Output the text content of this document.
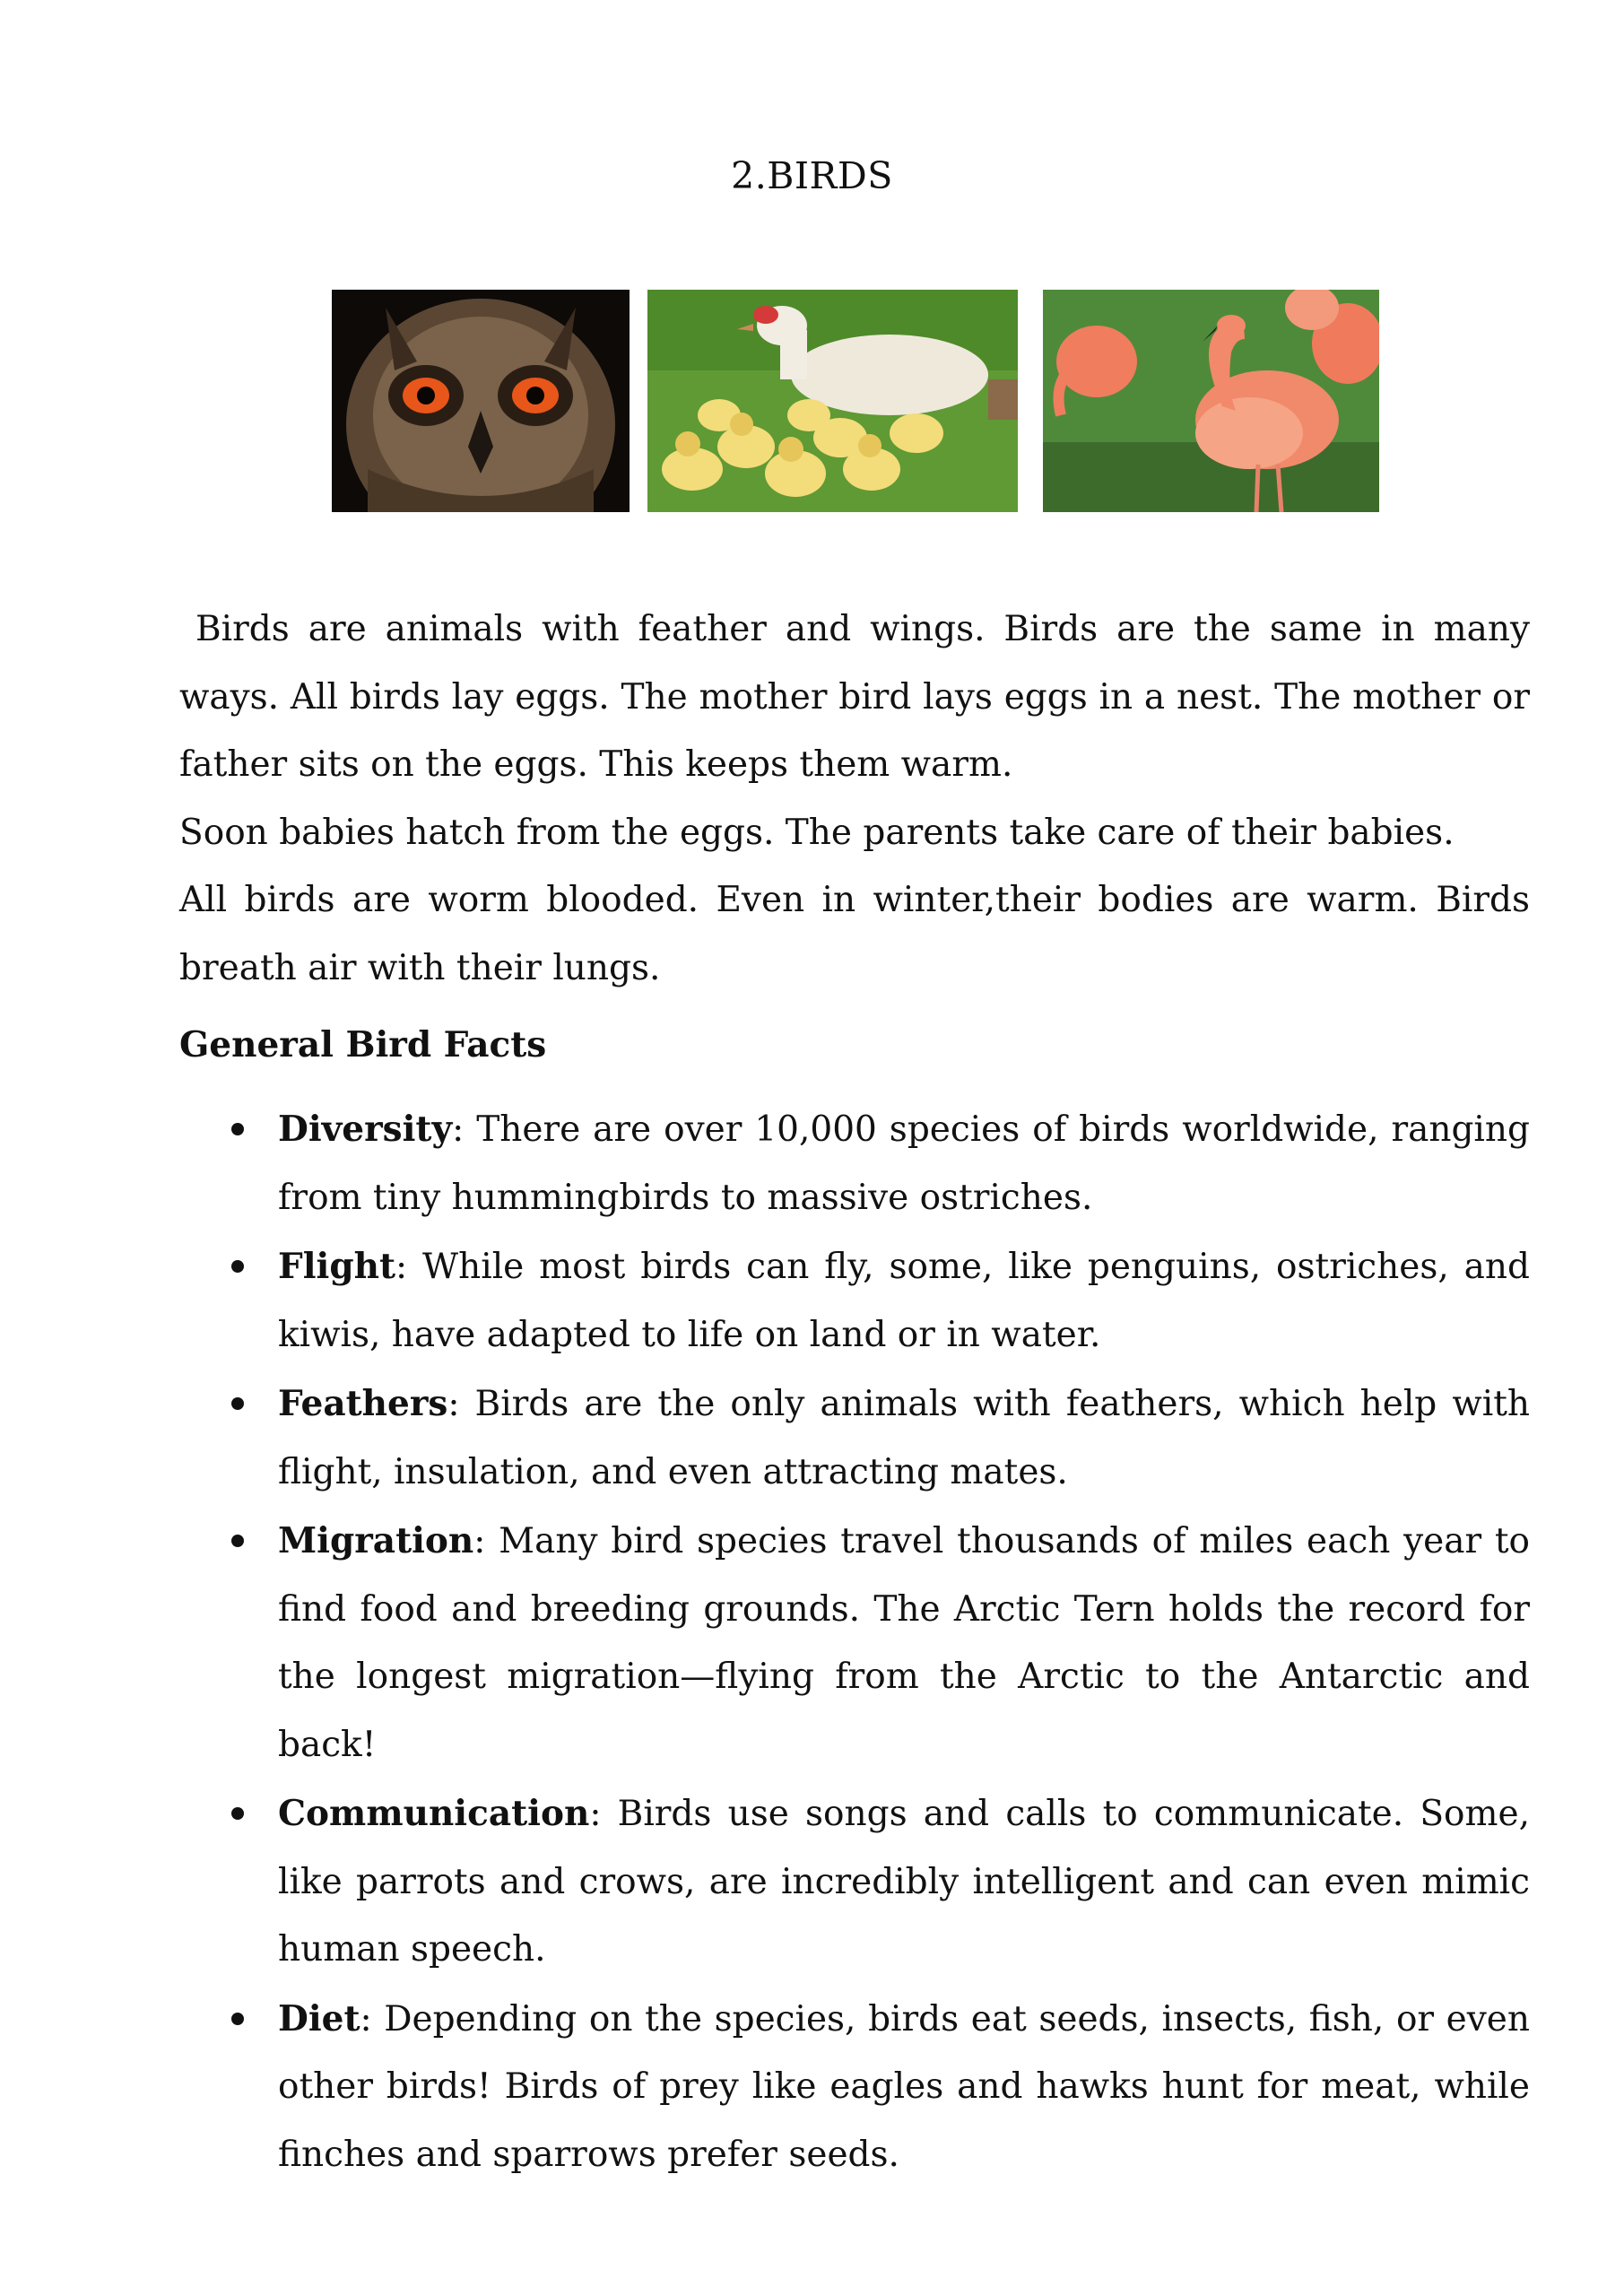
2.BIRDS

Birds are animals with feather and wings. Birds are the same in many ways. All birds lay eggs. The mother bird lays eggs in a nest. The mother or father sits on the eggs. This keeps them warm.

Soon babies hatch from the eggs. The parents take care of their babies.

All birds are worm blooded. Even in winter,their bodies are warm. Birds breath air with their lungs.

General Bird Facts
Diversity: There are over 10,000 species of birds worldwide, ranging from tiny hummingbirds to massive ostriches.
Flight: While most birds can fly, some, like penguins, ostriches, and kiwis, have adapted to life on land or in water.
Feathers: Birds are the only animals with feathers, which help with flight, insulation, and even attracting mates.
Migration: Many bird species travel thousands of miles each year to find food and breeding grounds. The Arctic Tern holds the record for the longest migration—flying from the Arctic to the Antarctic and back!
Communication: Birds use songs and calls to communicate. Some, like parrots and crows, are incredibly intelligent and can even mimic human speech.
Diet: Depending on the species, birds eat seeds, insects, fish, or even other birds! Birds of prey like eagles and hawks hunt for meat, while finches and sparrows prefer seeds.
